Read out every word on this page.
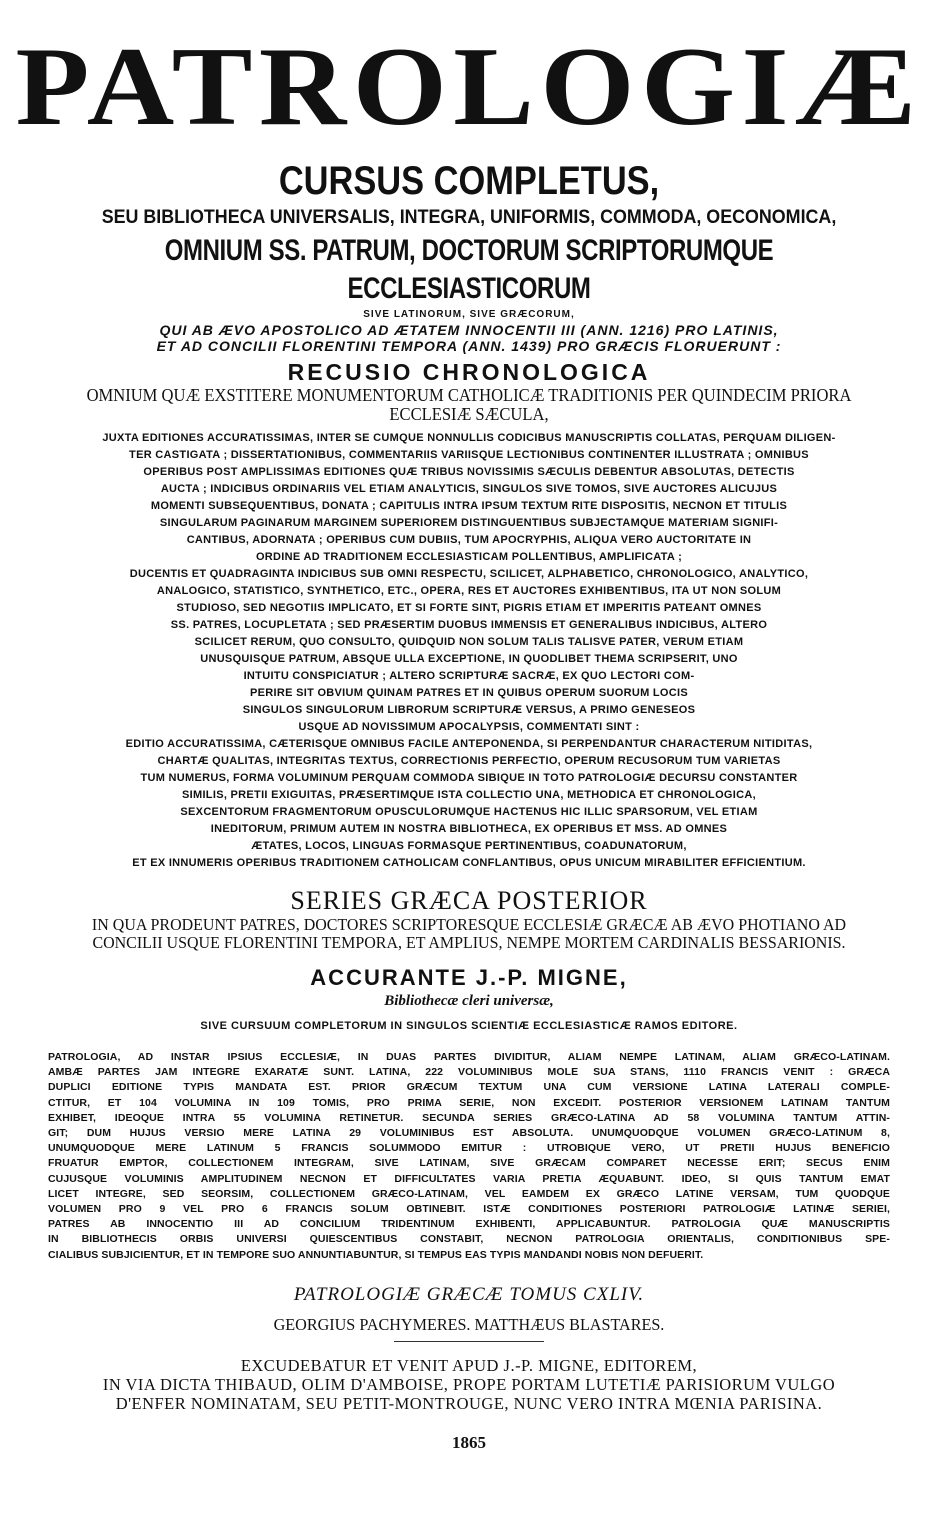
PATROLOGIÆ
CURSUS COMPLETUS,
SEU BIBLIOTHECA UNIVERSALIS, INTEGRA, UNIFORMIS, COMMODA, OECONOMICA,
OMNIUM SS. PATRUM, DOCTORUM SCRIPTORUMQUE ECCLESIASTICORUM
SIVE LATINORUM, SIVE GRÆCORUM,
QUI AB ÆVO APOSTOLICO AD ÆTATEM INNOCENTII III (ANN. 1216) PRO LATINIS,
ET AD CONCILII FLORENTINI TEMPORA (ANN. 1439) PRO GRÆCIS FLORUERUNT :
RECUSIO CHRONOLOGICA
OMNIUM QUÆ EXSTITERE MONUMENTORUM CATHOLICÆ TRADITIONIS PER QUINDECIM PRIORA
ECCLESIÆ SÆCULA,
JUXTA EDITIONES ACCURATISSIMAS, INTER SE CUMQUE NONNULLIS CODICIBUS MANUSCRIPTIS COLLATAS, PERQUAM DILIGEN-
TER CASTIGATA ; DISSERTATIONIBUS, COMMENTARIIS VARIISQUE LECTIONIBUS CONTINENTER ILLUSTRATA ; OMNIBUS
OPERIBUS POST AMPLISSIMAS EDITIONES QUÆ TRIBUS NOVISSIMIS SÆCULIS DEBENTUR ABSOLUTAS, DETECTIS
AUCTA ; INDICIBUS ORDINARIIS VEL ETIAM ANALYTICIS, SINGULOS SIVE TOMOS, SIVE AUCTORES ALICUJUS
MOMENTI SUBSEQUENTIBUS, DONATA ; CAPITULIS INTRA IPSUM TEXTUM RITE DISPOSITIS, NECNON ET TITULIS
SINGULARUM PAGINARUM MARGINEM SUPERIOREM DISTINGUENTIBUS SUBJECTAMQUE MATERIAM SIGNIFI-
CANTIBUS, ADORNATA ; OPERIBUS CUM DUBIIS, TUM APOCRYPHIS, ALIQUA VERO AUCTORITATE IN
ORDINE AD TRADITIONEM ECCLESIASTICAM POLLENTIBUS, AMPLIFICATA ;
DUCENTIS ET QUADRAGINTA INDICIBUS SUB OMNI RESPECTU, SCILICET, ALPHABETICO, CHRONOLOGICO, ANALYTICO,
ANALOGICO, STATISTICO, SYNTHETICO, ETC., OPERA, RES ET AUCTORES EXHIBENTIBUS, ITA UT NON SOLUM
STUDIOSO, SED NEGOTIIS IMPLICATO, ET SI FORTE SINT, PIGRIS ETIAM ET IMPERITIS PATEANT OMNES
SS. PATRES, LOCUPLETATA ; SED PRÆSERTIM DUOBUS IMMENSIS ET GENERALIBUS INDICIBUS, ALTERO
SCILICET RERUM, QUO CONSULTO, QUIDQUID NON SOLUM TALIS TALISVE PATER, VERUM ETIAM
UNUSQUISQUE PATRUM, ABSQUE ULLA EXCEPTIONE, IN QUODLIBET THEMA SCRIPSERIT, UNO
INTUITU CONSPICIATUR ; ALTERO SCRIPTURÆ SACRÆ, EX QUO LECTORI COM-
PERIRE SIT OBVIUM QUINAM PATRES ET IN QUIBUS OPERUM SUORUM LOCIS
SINGULOS SINGULORUM LIBRORUM SCRIPTURÆ VERSUS, A PRIMO GENESEOS
USQUE AD NOVISSIMUM APOCALYPSIS, COMMENTATI SINT :
EDITIO ACCURATISSIMA, CÆTERISQUE OMNIBUS FACILE ANTEPONENDA, SI PERPENDANTUR CHARACTERUM NITIDITAS,
CHARTÆ QUALITAS, INTEGRITAS TEXTUS, CORRECTIONIS PERFECTIO, OPERUM RECUSORUM TUM VARIETAS
TUM NUMERUS, FORMA VOLUMINUM PERQUAM COMMODA SIBIQUE IN TOTO PATROLOGIÆ DECURSU CONSTANTER
SIMILIS, PRETII EXIGUITAS, PRÆSERTIMQUE ISTA COLLECTIO UNA, METHODICA ET CHRONOLOGICA,
SEXCENTORUM FRAGMENTORUM OPUSCULORUMQUE HACTENUS HIC ILLIC SPARSORUM, VEL ETIAM
INEDITORUM, PRIMUM AUTEM IN NOSTRA BIBLIOTHECA, EX OPERIBUS ET MSS. AD OMNES
ÆTATES, LOCOS, LINGUAS FORMASQUE PERTINENTIBUS, COADUNATORUM,
ET EX INNUMERIS OPERIBUS TRADITIONEM CATHOLICAM CONFLANTIBUS, OPUS UNICUM MIRABILITER EFFICIENTIUM.
SERIES GRÆCA POSTERIOR
IN QUA PRODEUNT PATRES, DOCTORES SCRIPTORESQUE ECCLESIÆ GRÆCÆ AB ÆVO PHOTIANO AD
CONCILII USQUE FLORENTINI TEMPORA, ET AMPLIUS, NEMPE MORTEM CARDINALIS BESSARIONIS.
ACCURANTE J.-P. MIGNE,
Bibliothecæ cleri universæ,
SIVE CURSUUM COMPLETORUM IN SINGULOS SCIENTIÆ ECCLESIASTICÆ RAMOS EDITORE.
PATROLOGIA, AD INSTAR IPSIUS ECCLESIÆ, IN DUAS PARTES DIVIDITUR, ALIAM NEMPE LATINAM, ALIAM GRÆCO-LATINAM.
AMBÆ PARTES JAM INTEGRE EXARATÆ SUNT. LATINA, 222 VOLUMINIBUS MOLE SUA STANS, 1110 FRANCIS VENIT : GRÆCA
DUPLICI EDITIONE TYPIS MANDATA EST. PRIOR GRÆCUM TEXTUM UNA CUM VERSIONE LATINA LATERALI COMPLE-
CTITUR, ET 104 VOLUMINA IN 109 TOMIS, PRO PRIMA SERIE, NON EXCEDIT. POSTERIOR VERSIONEM LATINAM TANTUM
EXHIBET, IDEOQUE INTRA 55 VOLUMINA RETINETUR. SECUNDA SERIES GRÆCO-LATINA AD 58 VOLUMINA TANTUM ATTIN-
GIT; DUM HUJUS VERSIO MERE LATINA 29 VOLUMINIBUS EST ABSOLUTA. UNUMQUODQUE VOLUMEN GRÆCO-LATINUM 8,
UNUMQUODQUE MERE LATINUM 5 FRANCIS SOLUMMODO EMITUR : UTROBIQUE VERO, UT PRETII HUJUS BENEFICIO
FRUATUR EMPTOR, COLLECTIONEM INTEGRAM, SIVE LATINAM, SIVE GRÆCAM COMPARET NECESSE ERIT; SECUS ENIM
CUJUSQUE VOLUMINIS AMPLITUDINEM NECNON ET DIFFICULTATES VARIA PRETIA ÆQUABUNT. IDEO, SI QUIS TANTUM EMAT
LICET INTEGRE, SED SEORSIM, COLLECTIONEM GRÆCO-LATINAM, VEL EAMDEM EX GRÆCO LATINE VERSAM, TUM QUODQUE
VOLUMEN PRO 9 VEL PRO 6 FRANCIS SOLUM OBTINEBIT. ISTÆ CONDITIONES POSTERIORI PATROLOGIÆ LATINÆ SERIEI,
PATRES AB INNOCENTIO III AD CONCILIUM TRIDENTINUM EXHIBENTI, APPLICABUNTUR. PATROLOGIA QUÆ MANUSCRIPTIS
IN BIBLIOTHECIS ORBIS UNIVERSI QUIESCENTIBUS CONSTABIT, NECNON PATROLOGIA ORIENTALIS, CONDITIONIBUS SPE-
CIALIBUS SUBJICIENTUR, ET IN TEMPORE SUO ANNUNTIABUNTUR, SI TEMPUS EAS TYPIS MANDANDI NOBIS NON DEFUERIT.
PATROLOGIÆ GRÆCÆ TOMUS CXLIV.
GEORGIUS PACHYMERES. MATTHÆUS BLASTARES.
EXCUDEBATUR ET VENIT APUD J.-P. MIGNE, EDITOREM,
IN VIA DICTA THIBAUD, OLIM D'AMBOISE, PROPE PORTAM LUTETIÆ PARISIORUM VULGO
D'ENFER NOMINATAM, SEU PETIT-MONTROUGE, NUNC VERO INTRA MŒNIA PARISINA.
1865
